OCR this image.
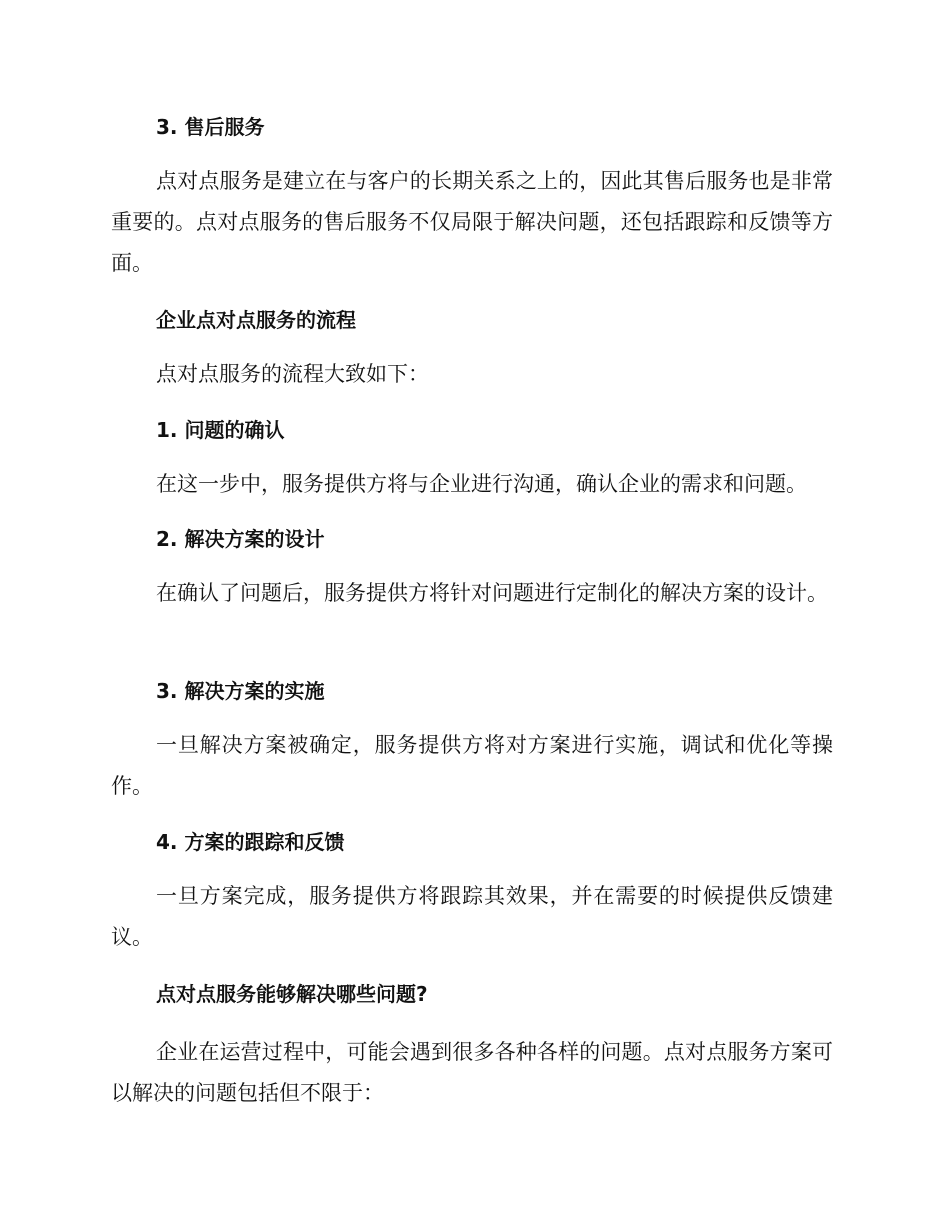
3. 售后服务

点对点服务是建立在与客户的长期关系之上的，因此其售后服务也是非常重要的。点对点服务的售后服务不仅局限于解决问题，还包括跟踪和反馈等方面。

企业点对点服务的流程

点对点服务的流程大致如下：

1. 问题的确认

在这一步中，服务提供方将与企业进行沟通，确认企业的需求和问题。

2. 解决方案的设计

在确认了问题后，服务提供方将针对问题进行定制化的解决方案的设计。

3. 解决方案的实施

一旦解决方案被确定，服务提供方将对方案进行实施，调试和优化等操作。

4. 方案的跟踪和反馈

一旦方案完成，服务提供方将跟踪其效果，并在需要的时候提供反馈建议。

点对点服务能够解决哪些问题?

企业在运营过程中，可能会遇到很多各种各样的问题。点对点服务方案可以解决的问题包括但不限于：
